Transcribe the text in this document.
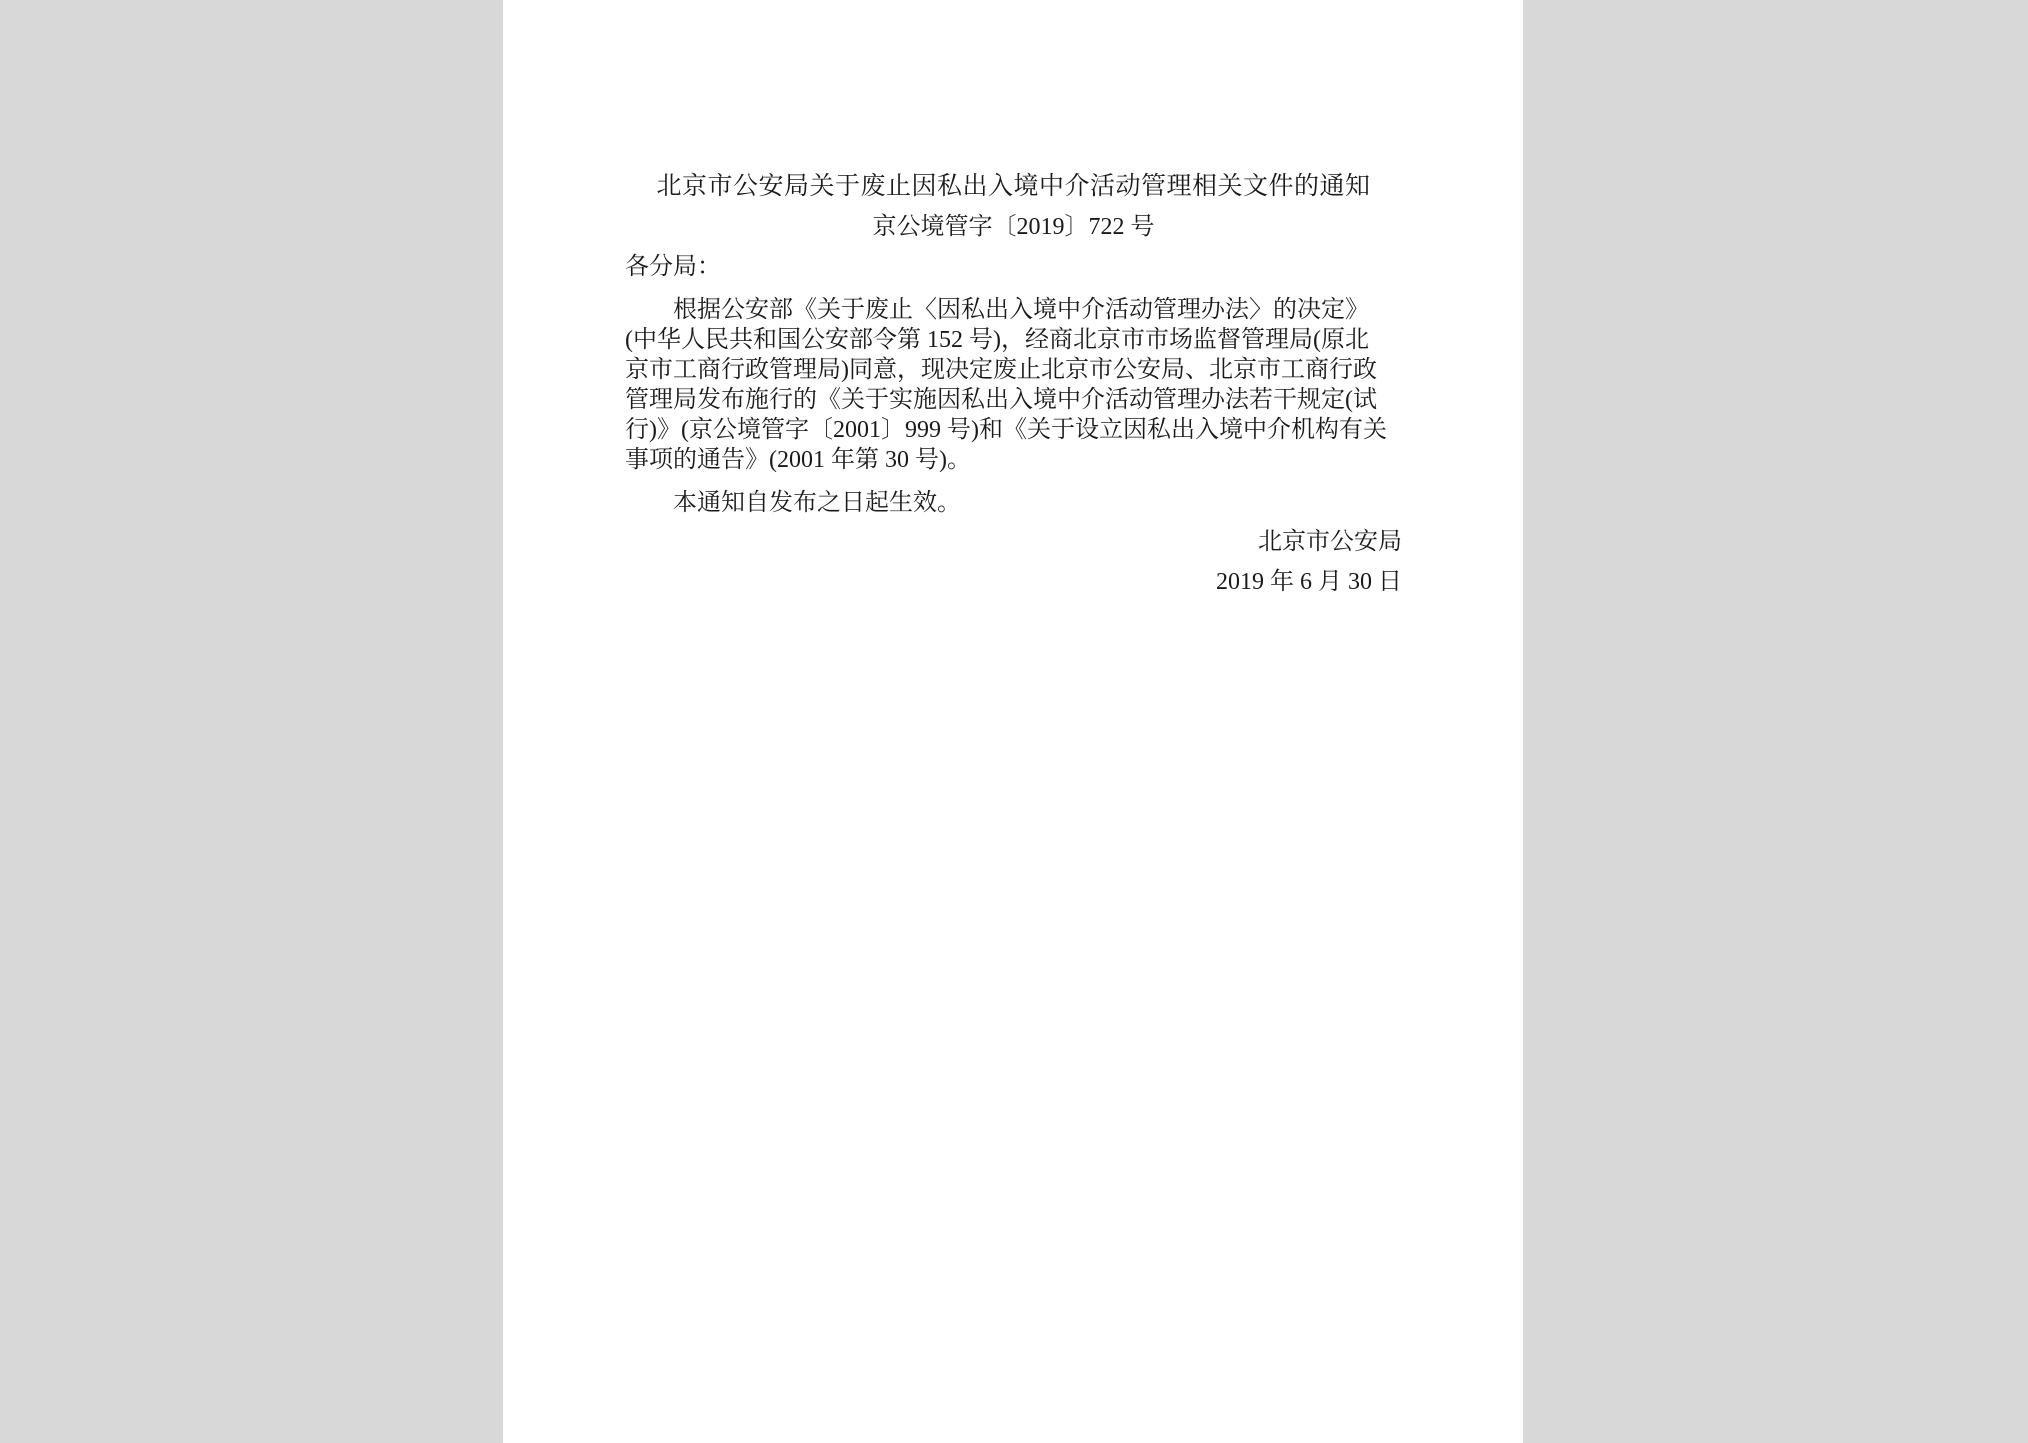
北京市公安局关于废止因私出入境中介活动管理相关文件的通知
京公境管字〔2019〕722 号
各分局：
根据公安部《关于废止〈因私出入境中介活动管理办法〉的决定》
(中华人民共和国公安部令第 152 号)，经商北京市市场监督管理局(原北
京市工商行政管理局)同意，现决定废止北京市公安局、北京市工商行政
管理局发布施行的《关于实施因私出入境中介活动管理办法若干规定(试
行)》(京公境管字〔2001〕999 号)和《关于设立因私出入境中介机构有关
事项的通告》(2001 年第 30 号)。
本通知自发布之日起生效。
北京市公安局
2019 年 6 月 30 日
